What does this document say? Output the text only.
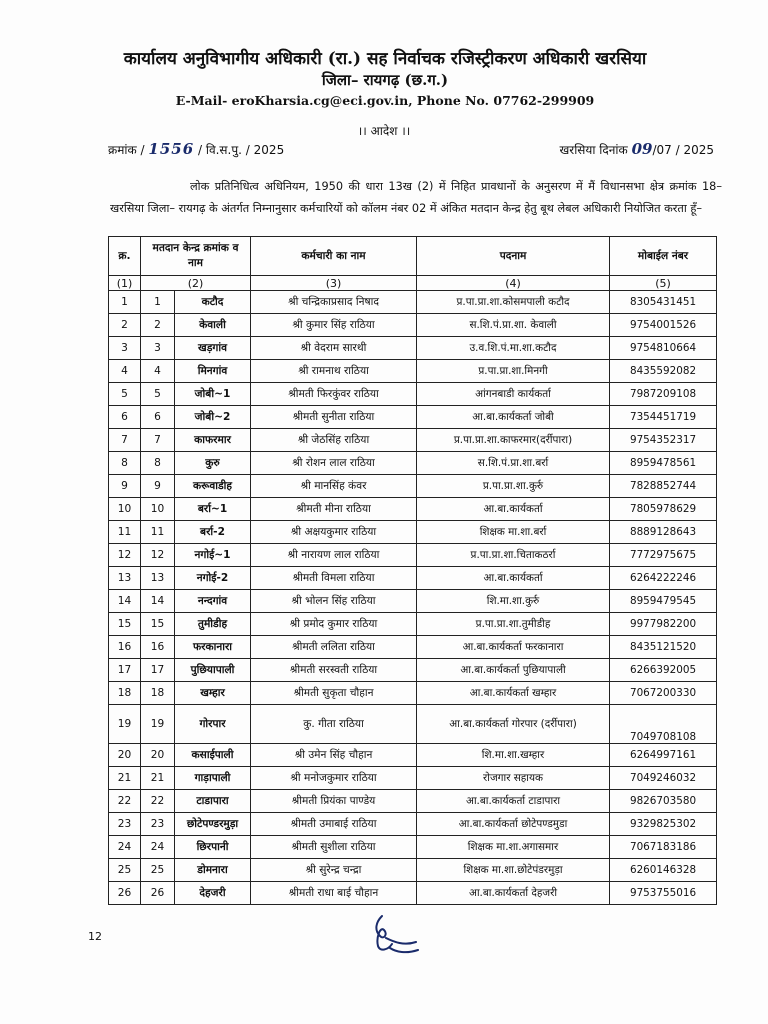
कार्यालय अनुविभागीय अधिकारी (रा.) सह निर्वाचक रजिस्ट्रीकरण अधिकारी खरसिया
जिला– रायगढ़ (छ.ग.)
E-Mail- eroKharsia.cg@eci.gov.in, Phone No. 07762-299909
।। आदेश ।।
क्रमांक / 1556 / वि.स.पु. / 2025	खरसिया दिनांक 09/07 / 2025
लोक प्रतिनिधित्व अधिनियम, 1950 की धारा 13ख (2) में निहित प्रावधानों के अनुसरण में मैं विधानसभा क्षेत्र क्रमांक 18–खरसिया जिला– रायगढ़ के अंतर्गत निम्नानुसार कर्मचारियों को कॉलम नंबर 02 में अंकित मतदान केन्द्र हेतु बूथ लेबल अधिकारी नियोजित करता हूँ–
क्र.	मतदान केन्द्र क्रमांक व नाम		कर्मचारी का नाम	पदनाम	मोबाईल नंबर
(1)	(2)		(3)	(4)	(5)
1	1	कटौद	श्री चन्द्रिकाप्रसाद निषाद	प्र.पा.प्रा.शा.कोसमपाली कटौद	8305431451
2	2	केवाली	श्री कुमार सिंह राठिया	स.शि.पं.प्रा.शा. केवाली	9754001526
3	3	खड़गांव	श्री वेदराम सारथी	उ.व.शि.पं.मा.शा.कटौद	9754810664
4	4	मिनगांव	श्री रामनाथ राठिया	प्र.पा.प्रा.शा.मिनगी	8435592082
5	5	जोबी~1	श्रीमती फिरकुंवर राठिया	आंगनबाडी कार्यकर्ता	7987209108
6	6	जोबी~2	श्रीमती सुनीता राठिया	आ.बा.कार्यकर्ता जोबी	7354451719
7	7	काफरमार	श्री जेठसिंह राठिया	प्र.पा.प्रा.शा.काफरमार(दर्रीपारा)	9754352317
8	8	कुरु	श्री रोशन लाल राठिया	स.शि.पं.प्रा.शा.बर्रा	8959478561
9	9	करूवाडीह	श्री मानसिंह कंवर	प्र.पा.प्रा.शा.कुर्रु	7828852744
10	10	बर्रा~1	श्रीमती मीना राठिया	आ.बा.कार्यकर्ता	7805978629
11	11	बर्रा-2	श्री अक्षयकुमार राठिया	शिक्षक मा.शा.बर्रा	8889128643
12	12	नगोई~1	श्री नारायण लाल राठिया	प्र.पा.प्रा.शा.चिताकठर्रा	7772975675
13	13	नगोई-2	श्रीमती विमला राठिया	आ.बा.कार्यकर्ता	6264222246
14	14	नन्दगांव	श्री भोलन सिंह राठिया	शि.मा.शा.कुर्रु	8959479545
15	15	तुमीडीह	श्री प्रमोद कुमार राठिया	प्र.पा.प्रा.शा.तुमीडीह	9977982200
16	16	फरकानारा	श्रीमती ललिता राठिया	आ.बा.कार्यकर्ता फरकानारा	8435121520
17	17	पुछियापाली	श्रीमती सरस्वती राठिया	आ.बा.कार्यकर्ता पुछियापाली	6266392005
18	18	खम्हार	श्रीमती सुकृता चौहान	आ.बा.कार्यकर्ता खम्हार	7067200330
19	19	गोरपार	कु. गीता राठिया	आ.बा.कार्यकर्ता गोरपार (दर्रीपारा)	7049708108
20	20	कसाईपाली	श्री उमेन सिंह चौहान	शि.मा.शा.खम्हार	6264997161
21	21	गाड़ापाली	श्री मनोजकुमार राठिया	रोजगार सहायक	7049246032
22	22	टाडापारा	श्रीमती प्रियंका पाण्डेय	आ.बा.कार्यकर्ता टाडापारा	9826703580
23	23	छोटेपण्डरमुड़ा	श्रीमती उमाबाई राठिया	आ.बा.कार्यकर्ता छोटेपण्डमुडा	9329825302
24	24	छिरपानी	श्रीमती सुशीला राठिया	शिक्षक मा.शा.अगासमार	7067183186
25	25	डोमनारा	श्री सुरेन्द्र चन्द्रा	शिक्षक मा.शा.छोटेपंडरमुड़ा	6260146328
26	26	देहजरी	श्रीमती राधा बाई चौहान	आ.बा.कार्यकर्ता देहजरी	9753755016
12
